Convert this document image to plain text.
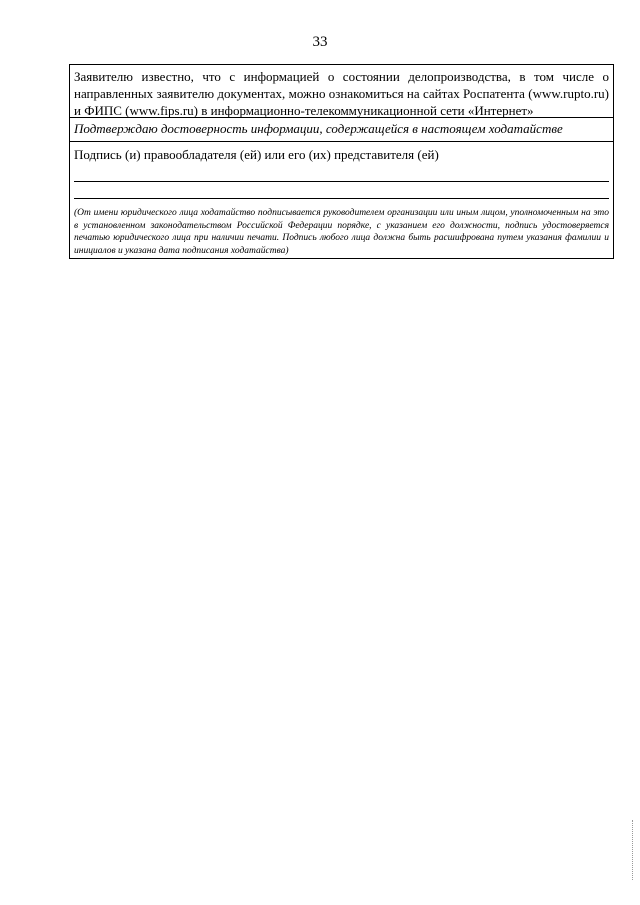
33
Заявителю известно, что с информацией о состоянии делопроизводства, в том числе о направленных заявителю документах, можно ознакомиться на сайтах Роспатента (www.rupto.ru) и ФИПС (www.fips.ru) в информационно-телекоммуникационной сети «Интернет»
Подтверждаю достоверность информации, содержащейся в настоящем ходатайстве
Подпись (и) правообладателя (ей) или его (их) представителя (ей)
(От имени юридического лица ходатайство подписывается руководителем организации или иным лицом, уполномоченным на это в установленном законодательством Российской Федерации порядке, с указанием его должности, подпись удостоверяется печатью юридического лица при наличии печати. Подпись любого лица должна быть расшифрована путем указания фамилии и инициалов и указана дата подписания ходатайства)
